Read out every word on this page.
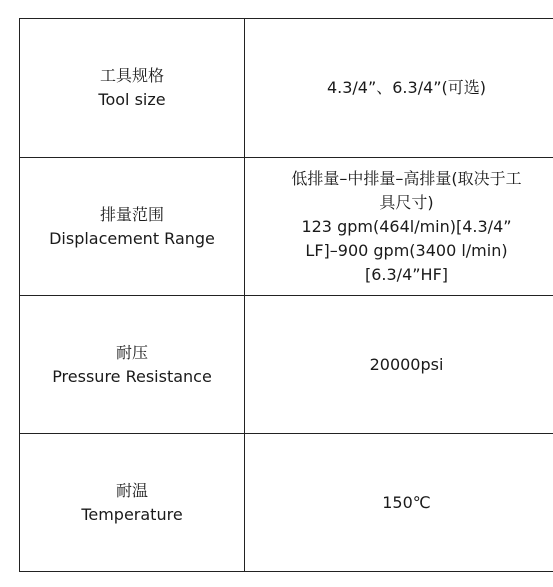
工具规格
Tool size	4.3/4”、6.3/4”(可选)

排量范围
Displacement Range	低排量–中排量–高排量(取决于工
具尺寸)
123 gpm(464l/min)[4.3/4”
LF]–900 gpm(3400 l/min)
[6.3/4”HF]

耐压
Pressure Resistance	20000psi

耐温
Temperature	150℃
